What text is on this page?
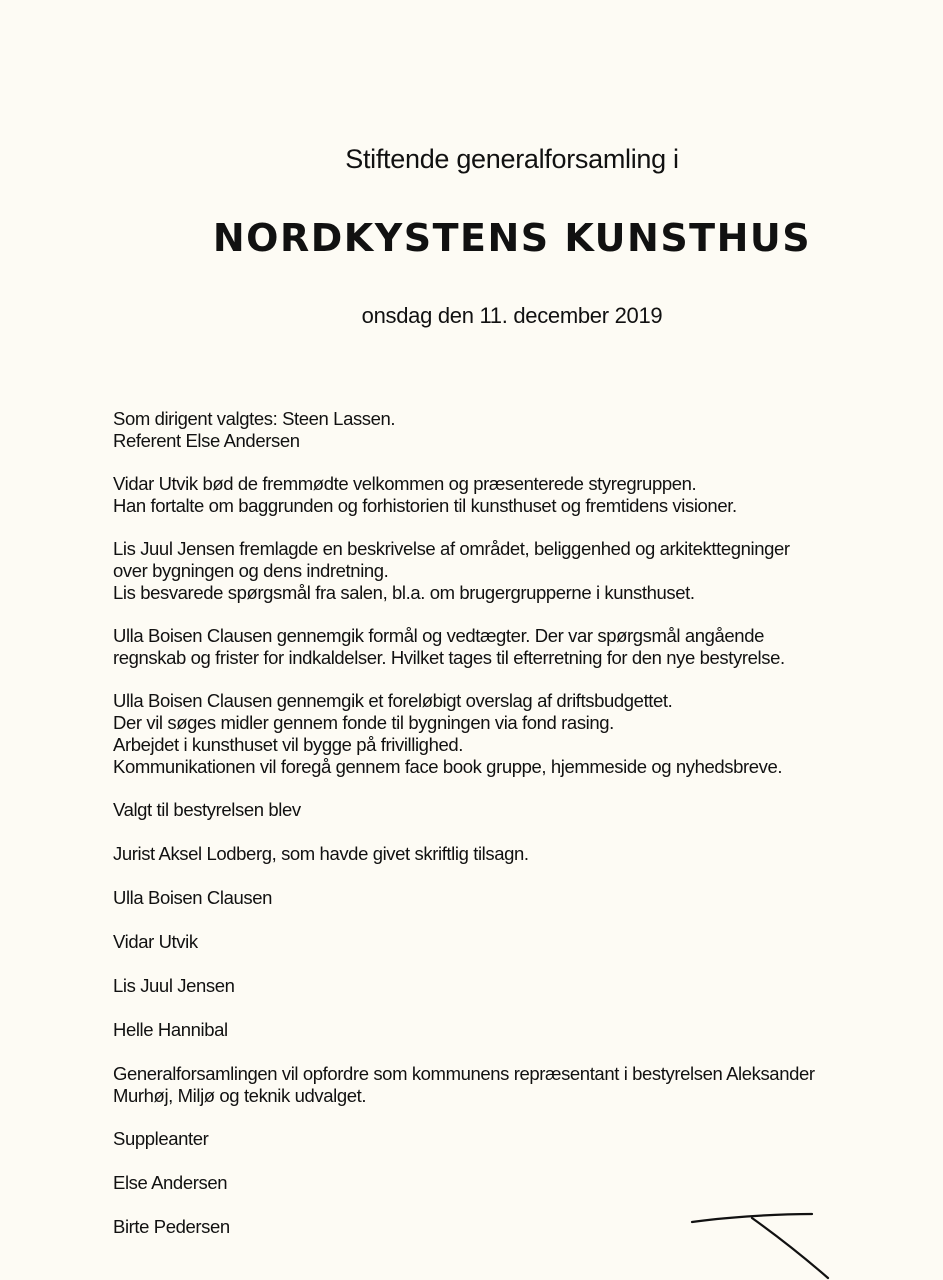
Stiftende generalforsamling i
NORDKYSTENS KUNSTHUS
onsdag den 11. december 2019
Som dirigent valgtes: Steen Lassen.
Referent Else Andersen
Vidar Utvik bød de fremmødte velkommen og præsenterede styregruppen.
Han fortalte om baggrunden og forhistorien til kunsthuset og fremtidens visioner.
Lis Juul Jensen fremlagde en beskrivelse af området, beliggenhed og arkitekttegninger
over bygningen og dens indretning.
Lis besvarede spørgsmål fra salen, bl.a. om brugergrupperne i kunsthuset.
Ulla Boisen Clausen gennemgik formål og vedtægter. Der var spørgsmål angående
regnskab og frister for indkaldelser. Hvilket tages til efterretning for den nye bestyrelse.
Ulla Boisen Clausen gennemgik et foreløbigt overslag af driftsbudgettet.
Der vil søges midler gennem fonde til bygningen via fond rasing.
Arbejdet i kunsthuset vil bygge på frivillighed.
Kommunikationen vil foregå gennem face book gruppe, hjemmeside og nyhedsbreve.
Valgt til bestyrelsen blev
Jurist Aksel Lodberg, som havde givet skriftlig tilsagn.
Ulla Boisen Clausen
Vidar Utvik
Lis Juul Jensen
Helle Hannibal
Generalforsamlingen vil opfordre som kommunens repræsentant i bestyrelsen Aleksander
Murhøj, Miljø og teknik udvalget.
Suppleanter
Else Andersen
Birte Pedersen
